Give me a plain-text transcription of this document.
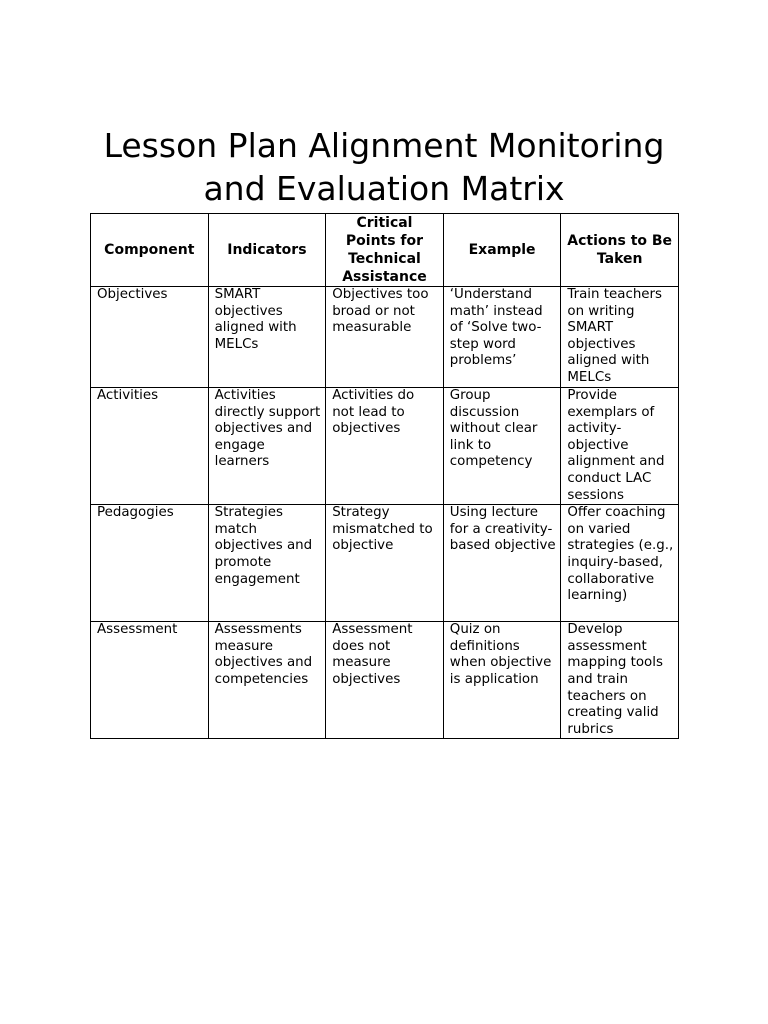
Lesson Plan Alignment Monitoring
and Evaluation Matrix
Component	Indicators	Critical Points for Technical Assistance	Example	Actions to Be Taken
Objectives	SMART objectives aligned with MELCs	Objectives too broad or not measurable	‘Understand math’ instead of ‘Solve two-step word problems’	Train teachers on writing SMART objectives aligned with MELCs
Activities	Activities directly support objectives and engage learners	Activities do not lead to objectives	Group discussion without clear link to competency	Provide exemplars of activity-objective alignment and conduct LAC sessions
Pedagogies	Strategies match objectives and promote engagement	Strategy mismatched to objective	Using lecture for a creativity-based objective	Offer coaching on varied strategies (e.g., inquiry-based, collaborative learning)
Assessment	Assessments measure objectives and competencies	Assessment does not measure objectives	Quiz on definitions when objective is application	Develop assessment mapping tools and train teachers on creating valid rubrics
